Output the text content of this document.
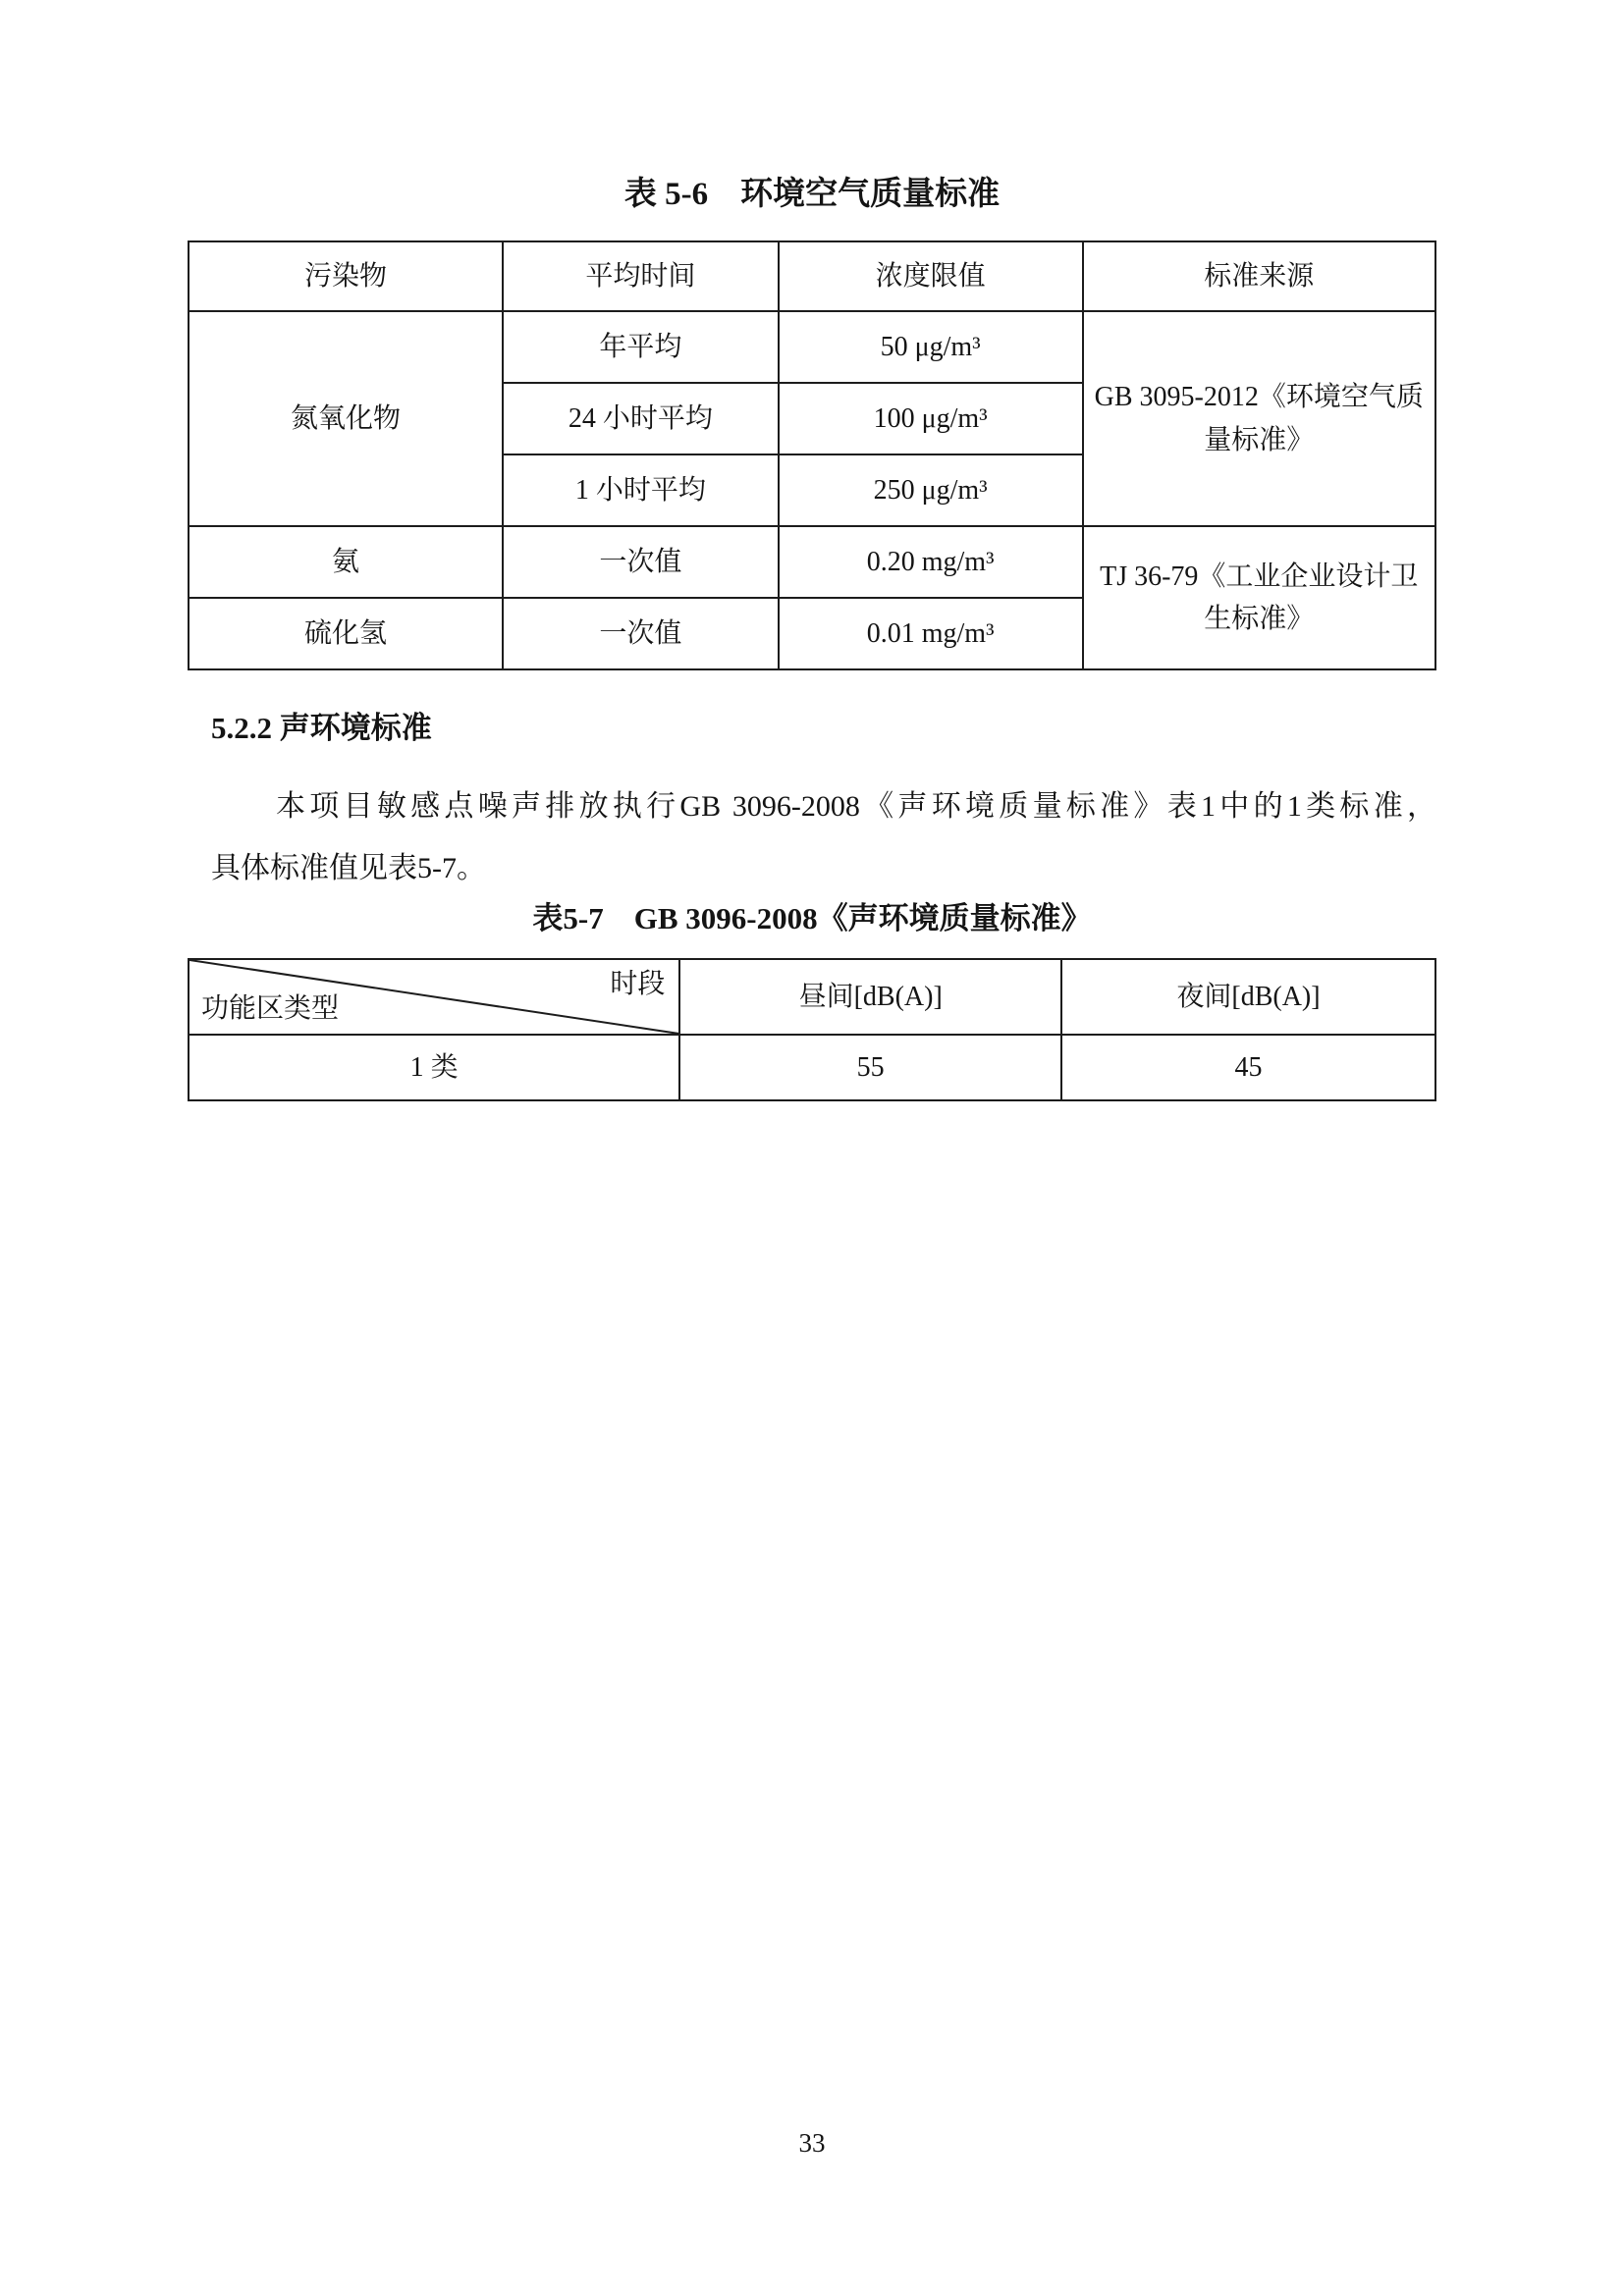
表 5-6　环境空气质量标准
污染物	平均时间	浓度限值	标准来源
氮氧化物	年平均	50 μg/m³	GB 3095-2012《环境空气质量标准》
	24 小时平均	100 μg/m³	
	1 小时平均	250 μg/m³	
氨	一次值	0.20 mg/m³	TJ 36-79《工业企业设计卫生标准》
硫化氢	一次值	0.01 mg/m³	
5.2.2 声环境标准

本项目敏感点噪声排放执行GB 3096-2008《声环境质量标准》表1中的1类标准，
具体标准值见表5-7。

表5-7　GB 3096-2008《声环境质量标准》
时段
功能区类型	昼间[dB(A)]	夜间[dB(A)]
1 类	55	45
33
